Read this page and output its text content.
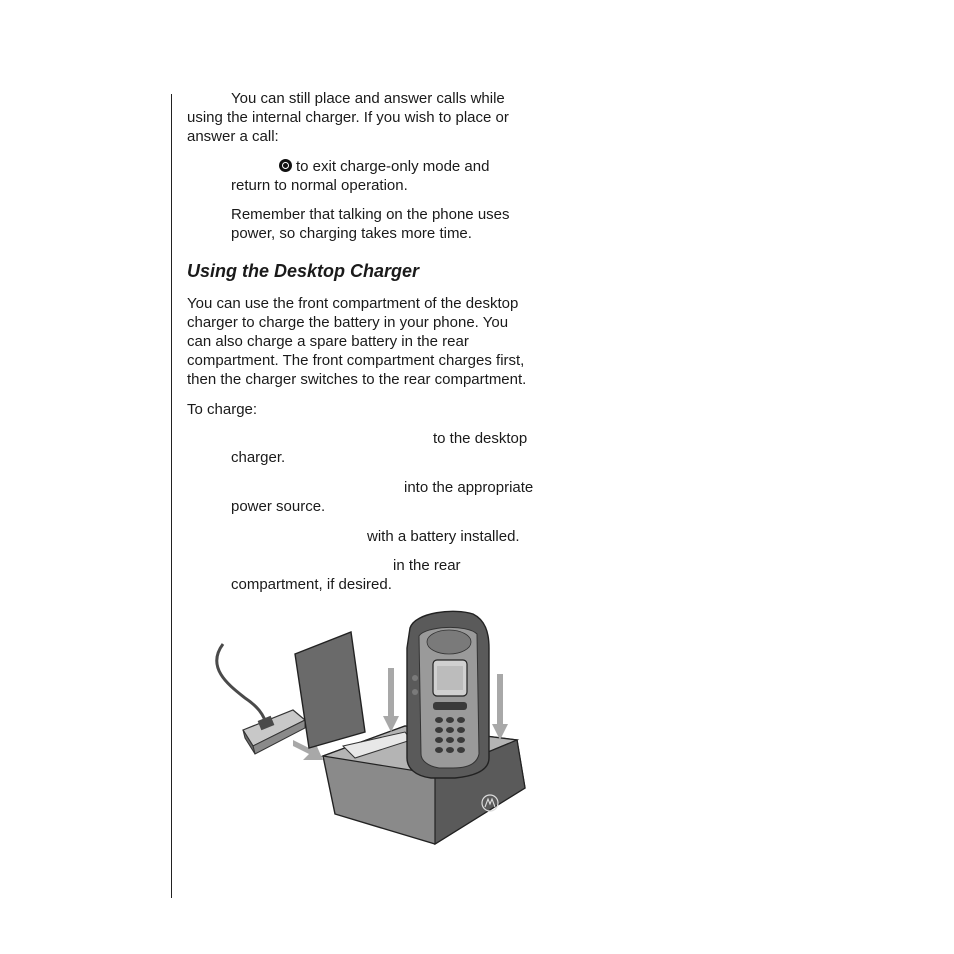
You can still place and answer calls while

using the internal charger. If you wish to place or

answer a call:

to exit charge-only mode and

return to normal operation.

Remember that talking on the phone uses

power, so charging takes more time.

Using the Desktop Charger

You can use the front compartment of the desktop

charger to charge the battery in your phone. You

can also charge a spare battery in the rear

compartment. The front compartment charges first,

then the charger switches to the rear compartment.

To charge:

to the desktop

charger.

into the appropriate

power source.

with a battery installed.

in the rear

compartment, if desired.
